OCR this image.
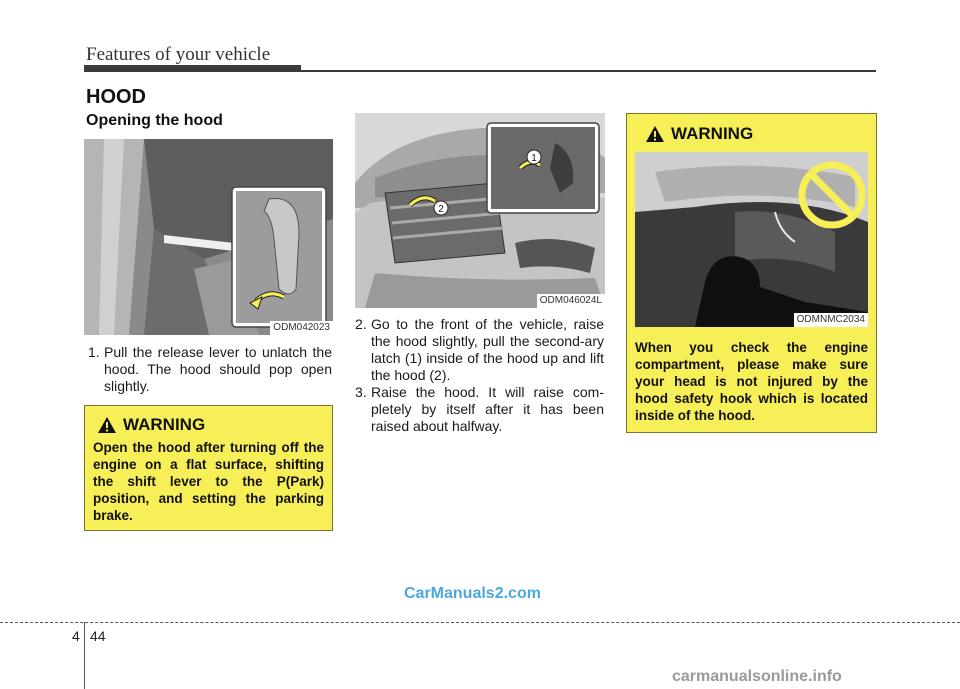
Features of your vehicle
HOOD
Opening the hood
ODM042023
1. Pull the release lever to unlatch the hood. The hood should pop open slightly.
WARNING
Open the hood after turning off the engine on a flat surface, shifting the shift lever to the P(Park) position, and setting the parking brake.
1
2
ODM046024L
2. Go to the front of the vehicle, raise the hood slightly, pull the second-ary latch (1) inside of the hood up and lift the hood (2).
3. Raise the hood. It will raise com-pletely by itself after it has been raised about halfway.
WARNING
ODMNMC2034
When you check the engine compartment, please make sure your head is not injured by the hood safety hook which is located inside of the hood.
CarManuals2.com
4 44
carmanualsonline.info
